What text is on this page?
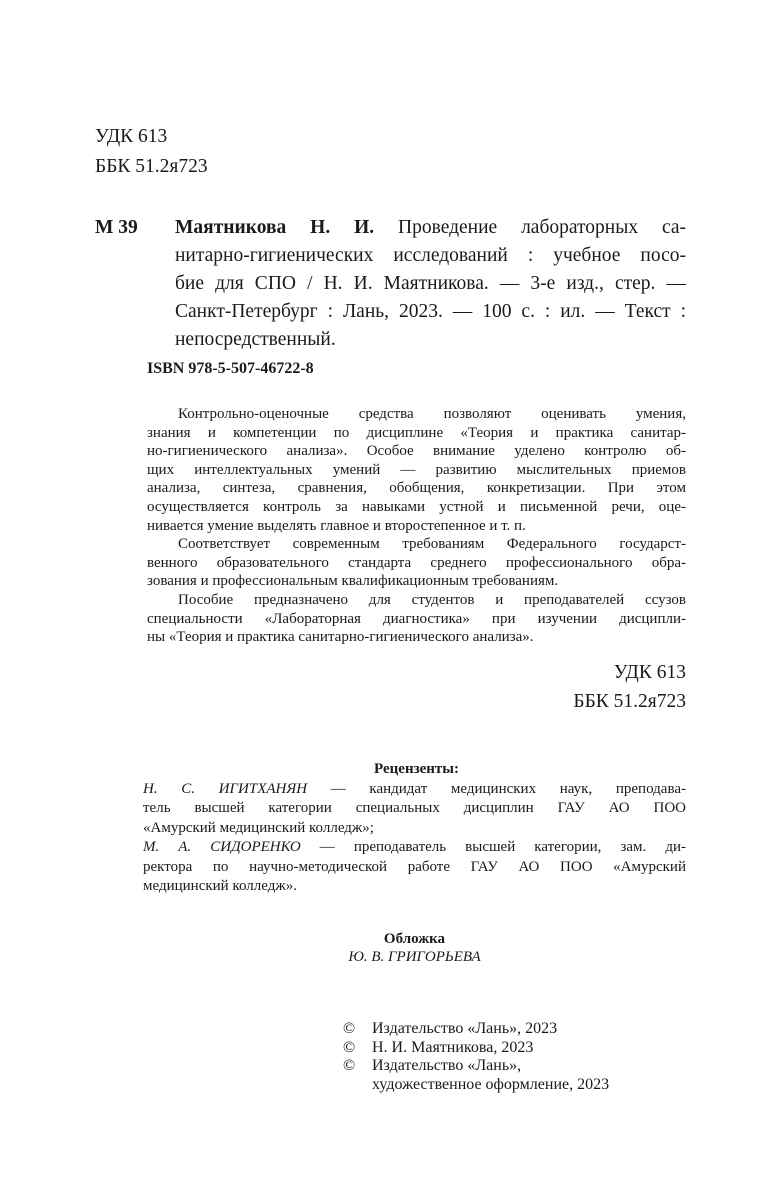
УДК 613
ББК 51.2я723
М 39 Маятникова Н. И. Проведение лабораторных са-
нитарно-гигиенических исследований : учебное посо-
бие для СПО / Н. И. Маятникова. — 3-е изд., стер. —
Санкт-Петербург : Лань, 2023. — 100 с. : ил. — Текст :
непосредственный.
ISBN 978-5-507-46722-8
Контрольно-оценочные средства позволяют оценивать умения,
знания и компетенции по дисциплине «Теория и практика санитар-
но-гигиенического анализа». Особое внимание уделено контролю об-
щих интеллектуальных умений — развитию мыслительных приемов
анализа, синтеза, сравнения, обобщения, конкретизации. При этом
осуществляется контроль за навыками устной и письменной речи, оце-
нивается умение выделять главное и второстепенное и т. п.
Соответствует современным требованиям Федерального государст-
венного образовательного стандарта среднего профессионального обра-
зования и профессиональным квалификационным требованиям.
Пособие предназначено для студентов и преподавателей ссузов
специальности «Лабораторная диагностика» при изучении дисципли-
ны «Теория и практика санитарно-гигиенического анализа».
УДК 613
ББК 51.2я723
Рецензенты:
Н. С. ИГИТХАНЯН — кандидат медицинских наук, преподава-
тель высшей категории специальных дисциплин ГАУ АО ПОО
«Амурский медицинский колледж»;
М. А. СИДОРЕНКО — преподаватель высшей категории, зам. ди-
ректора по научно-методической работе ГАУ АО ПОО «Амурский
медицинский колледж».
Обложка
Ю. В. ГРИГОРЬЕВА
© Издательство «Лань», 2023
© Н. И. Маятникова, 2023
© Издательство «Лань»,
художественное оформление, 2023
